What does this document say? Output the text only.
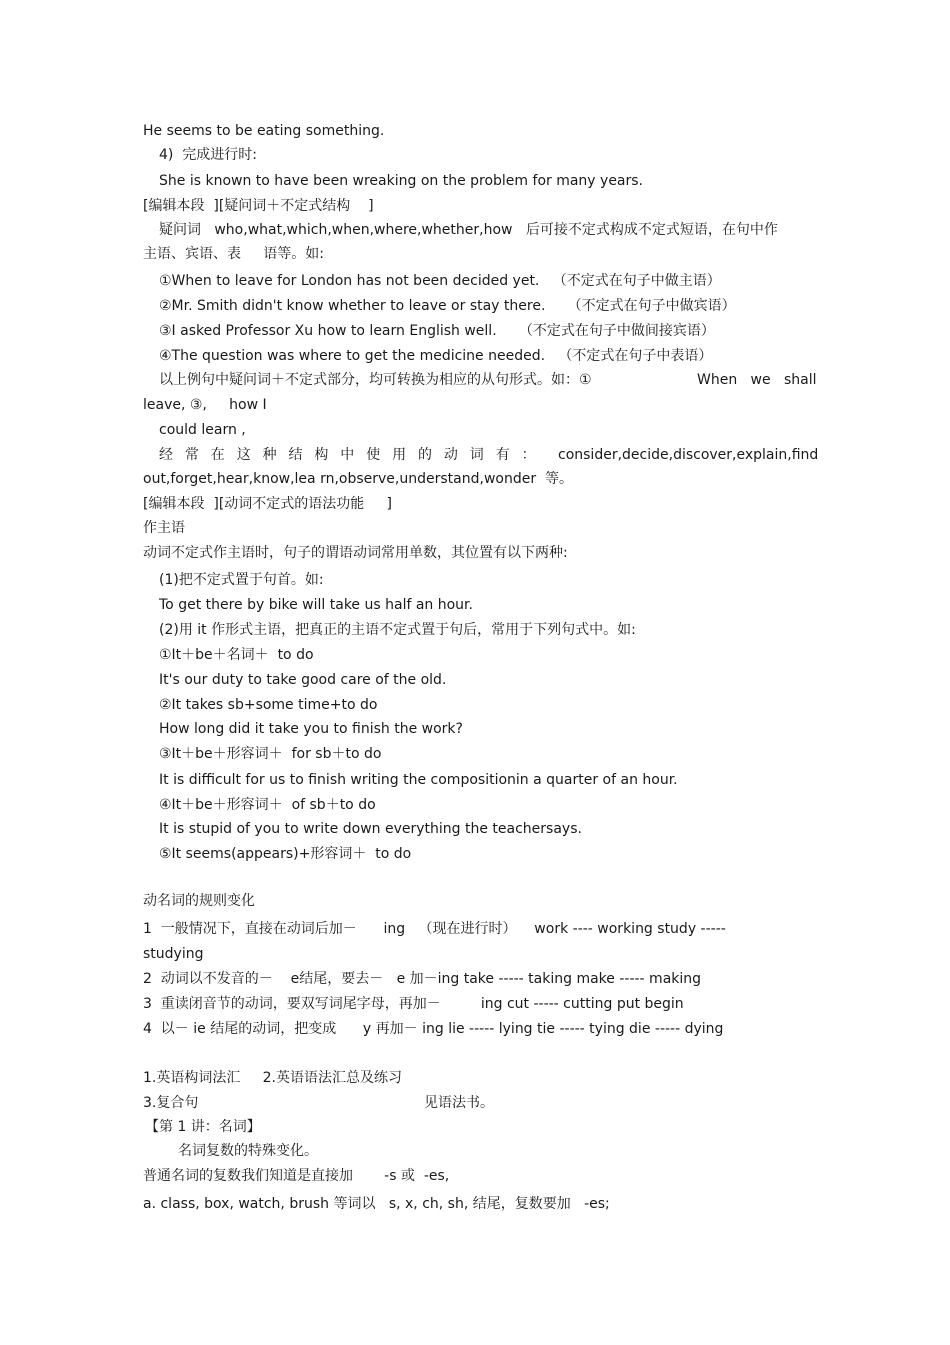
He seems to be eating something.
4)  完成进行时:
She is known to have been wreaking on the problem for many years.
[编辑本段  ][疑问词＋不定式结构    ]
疑问词   who,what,which,when,where,whether,how   后可接不定式构成不定式短语，在句中作
主语、宾语、表     语等。如:
①When to leave for London has not been decided yet.   （不定式在句子中做主语）
②Mr. Smith didn't know whether to leave or stay there.     （不定式在句子中做宾语）
③I asked Professor Xu how to learn English well.     （不定式在句子中做间接宾语）
④The question was where to get the medicine needed.   （不定式在句子中表语）
以上例句中疑问词＋不定式部分，均可转换为相应的从句形式。如：①	When   we   shall
leave, ③,     how I
could learn ,
经  常  在  这  种  结  构  中  使  用  的  动  词  有  ： consider,decide,discover,explain,find
out,forget,hear,know,lea rn,observe,understand,wonder  等。
[编辑本段  ][动词不定式的语法功能     ]
作主语
动词不定式作主语时，句子的谓语动词常用单数，其位置有以下两种:
(1)把不定式置于句首。如:
To get there by bike will take us half an hour.
(2)用 it 作形式主语，把真正的主语不定式置于句后，常用于下列句式中。如:
①It＋be＋名词＋  to do
It's our duty to take good care of the old.
②It takes sb+some time+to do
How long did it take you to finish the work?
③It＋be＋形容词＋  for sb＋to do
It is difficult for us to finish writing the compositionin a quarter of an hour.
④It＋be＋形容词＋  of sb＋to do
It is stupid of you to write down everything the teachersays.
⑤It seems(appears)+形容词＋  to do
动名词的规则变化
1  一般情况下，直接在动词后加－      ing   （现在进行时）    work ---- working study -----
studying
2  动词以不发音的－    e结尾，要去－   e 加－ing take ----- taking make ----- making
3  重读闭音节的动词，要双写词尾字母，再加－         ing cut ----- cutting put begin
4  以－ ie 结尾的动词，把变成      y 再加－ ing lie ----- lying tie ----- tying die ----- dying
1.英语构词法汇     2.英语语法汇总及练习
3.复合句	见语法书。
【第 1 讲：名词】
名词复数的特殊变化。
普通名词的复数我们知道是直接加       -s 或  -es,
a. class, box, watch, brush 等词以   s, x, ch, sh, 结尾，复数要加   -es;
